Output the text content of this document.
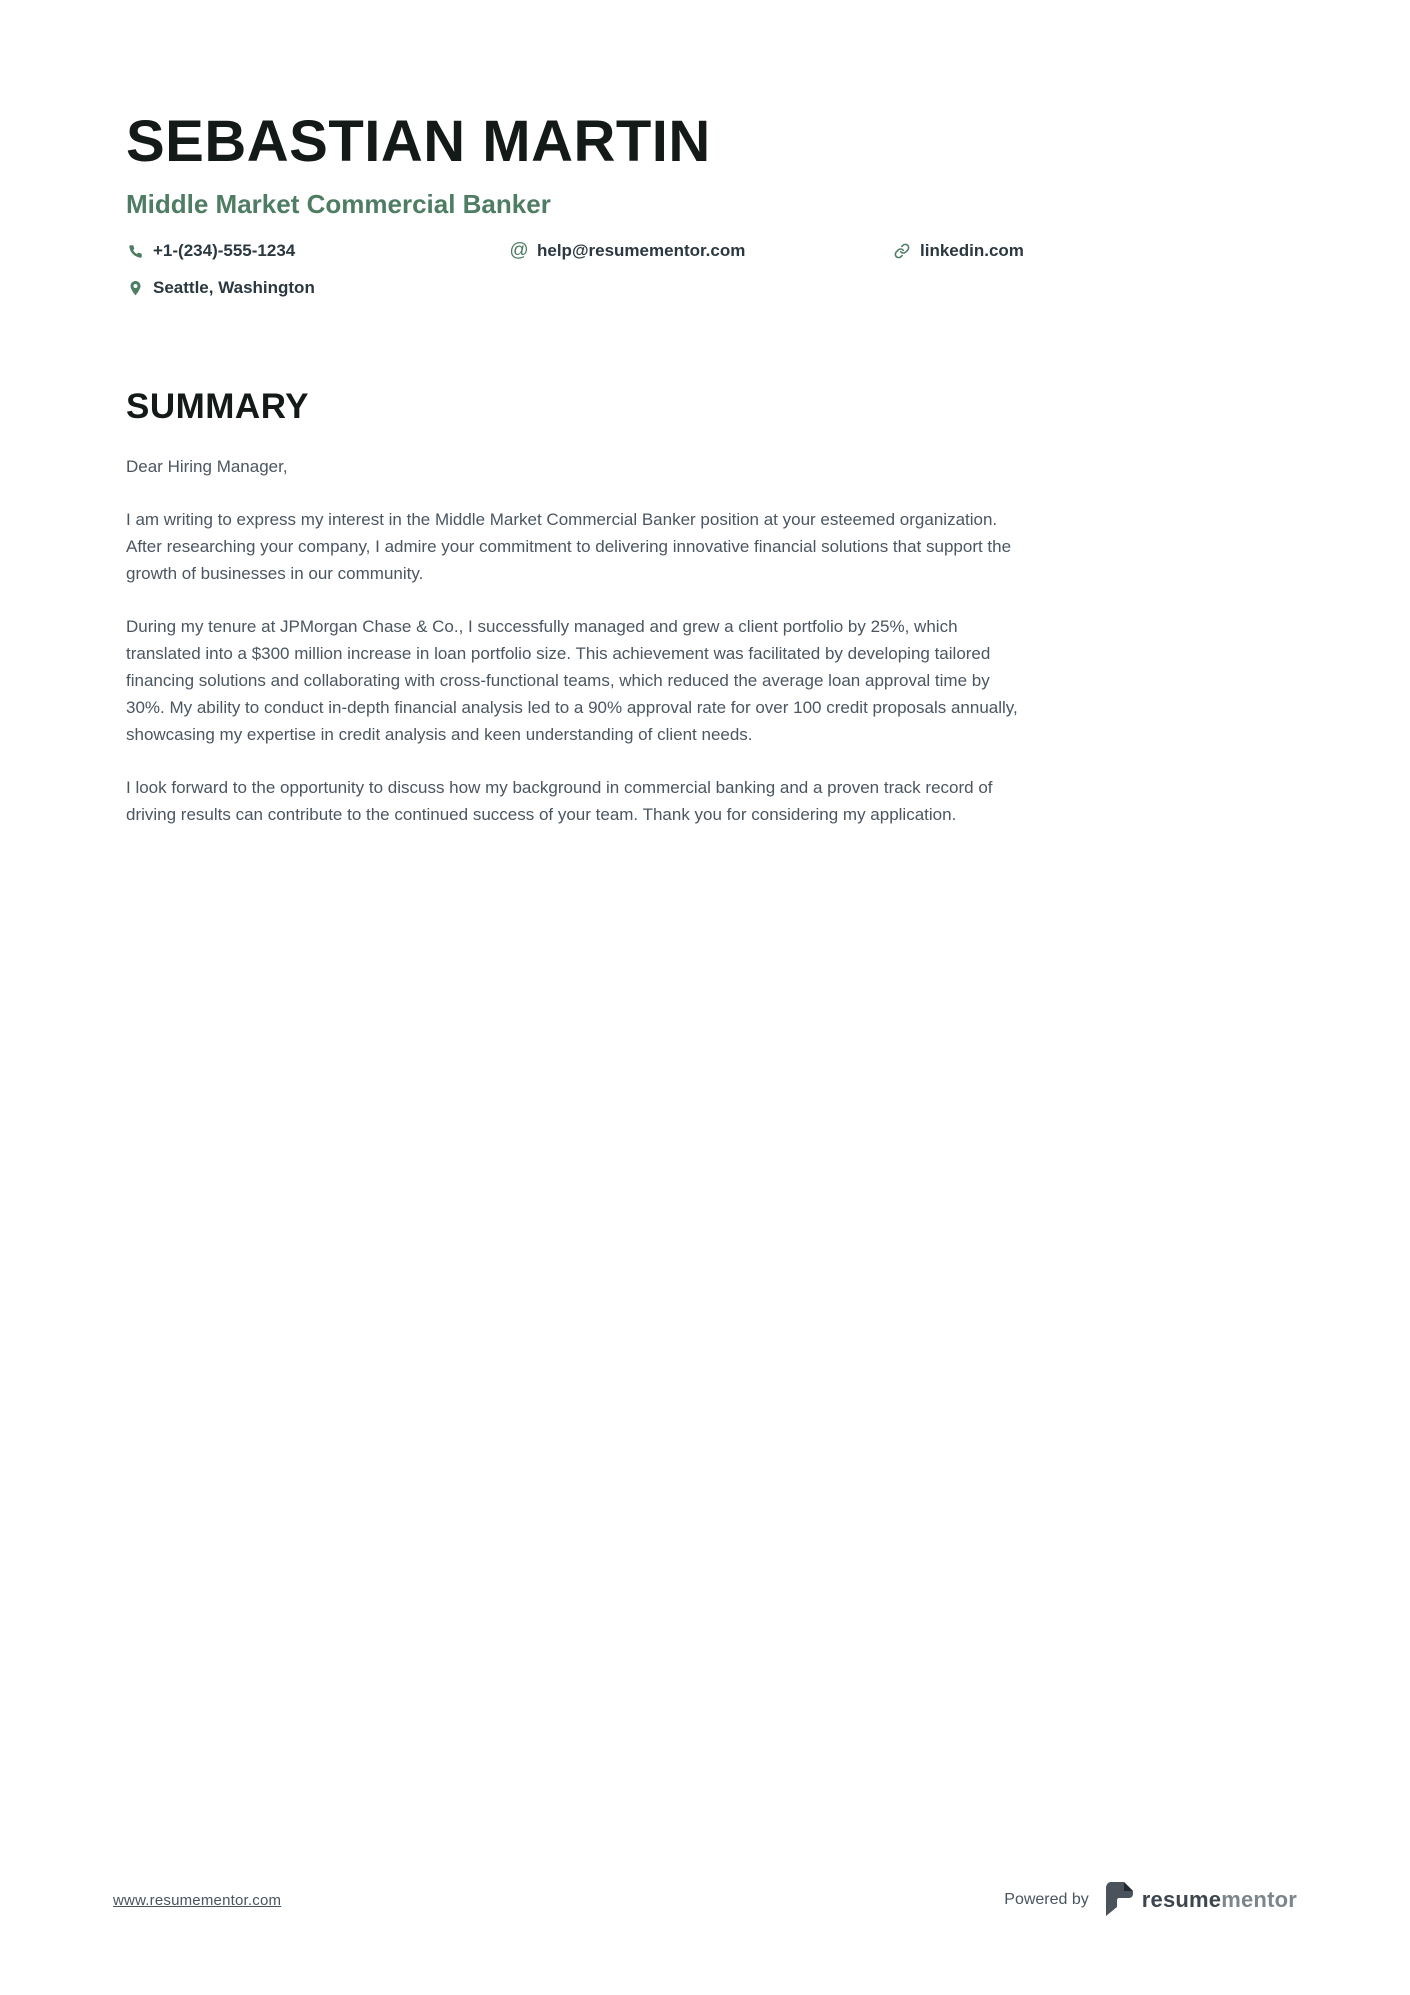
SEBASTIAN MARTIN
Middle Market Commercial Banker
+1-(234)-555-1234	@ help@resumementor.com	linkedin.com
Seattle, Washington
SUMMARY

Dear Hiring Manager,

I am writing to express my interest in the Middle Market Commercial Banker position at your esteemed organization. After researching your company, I admire your commitment to delivering innovative financial solutions that support the growth of businesses in our community.

During my tenure at JPMorgan Chase & Co., I successfully managed and grew a client portfolio by 25%, which translated into a $300 million increase in loan portfolio size. This achievement was facilitated by developing tailored financing solutions and collaborating with cross-functional teams, which reduced the average loan approval time by 30%. My ability to conduct in-depth financial analysis led to a 90% approval rate for over 100 credit proposals annually, showcasing my expertise in credit analysis and keen understanding of client needs.

I look forward to the opportunity to discuss how my background in commercial banking and a proven track record of driving results can contribute to the continued success of your team. Thank you for considering my application.

www.resumementor.com	Powered by resumementor
